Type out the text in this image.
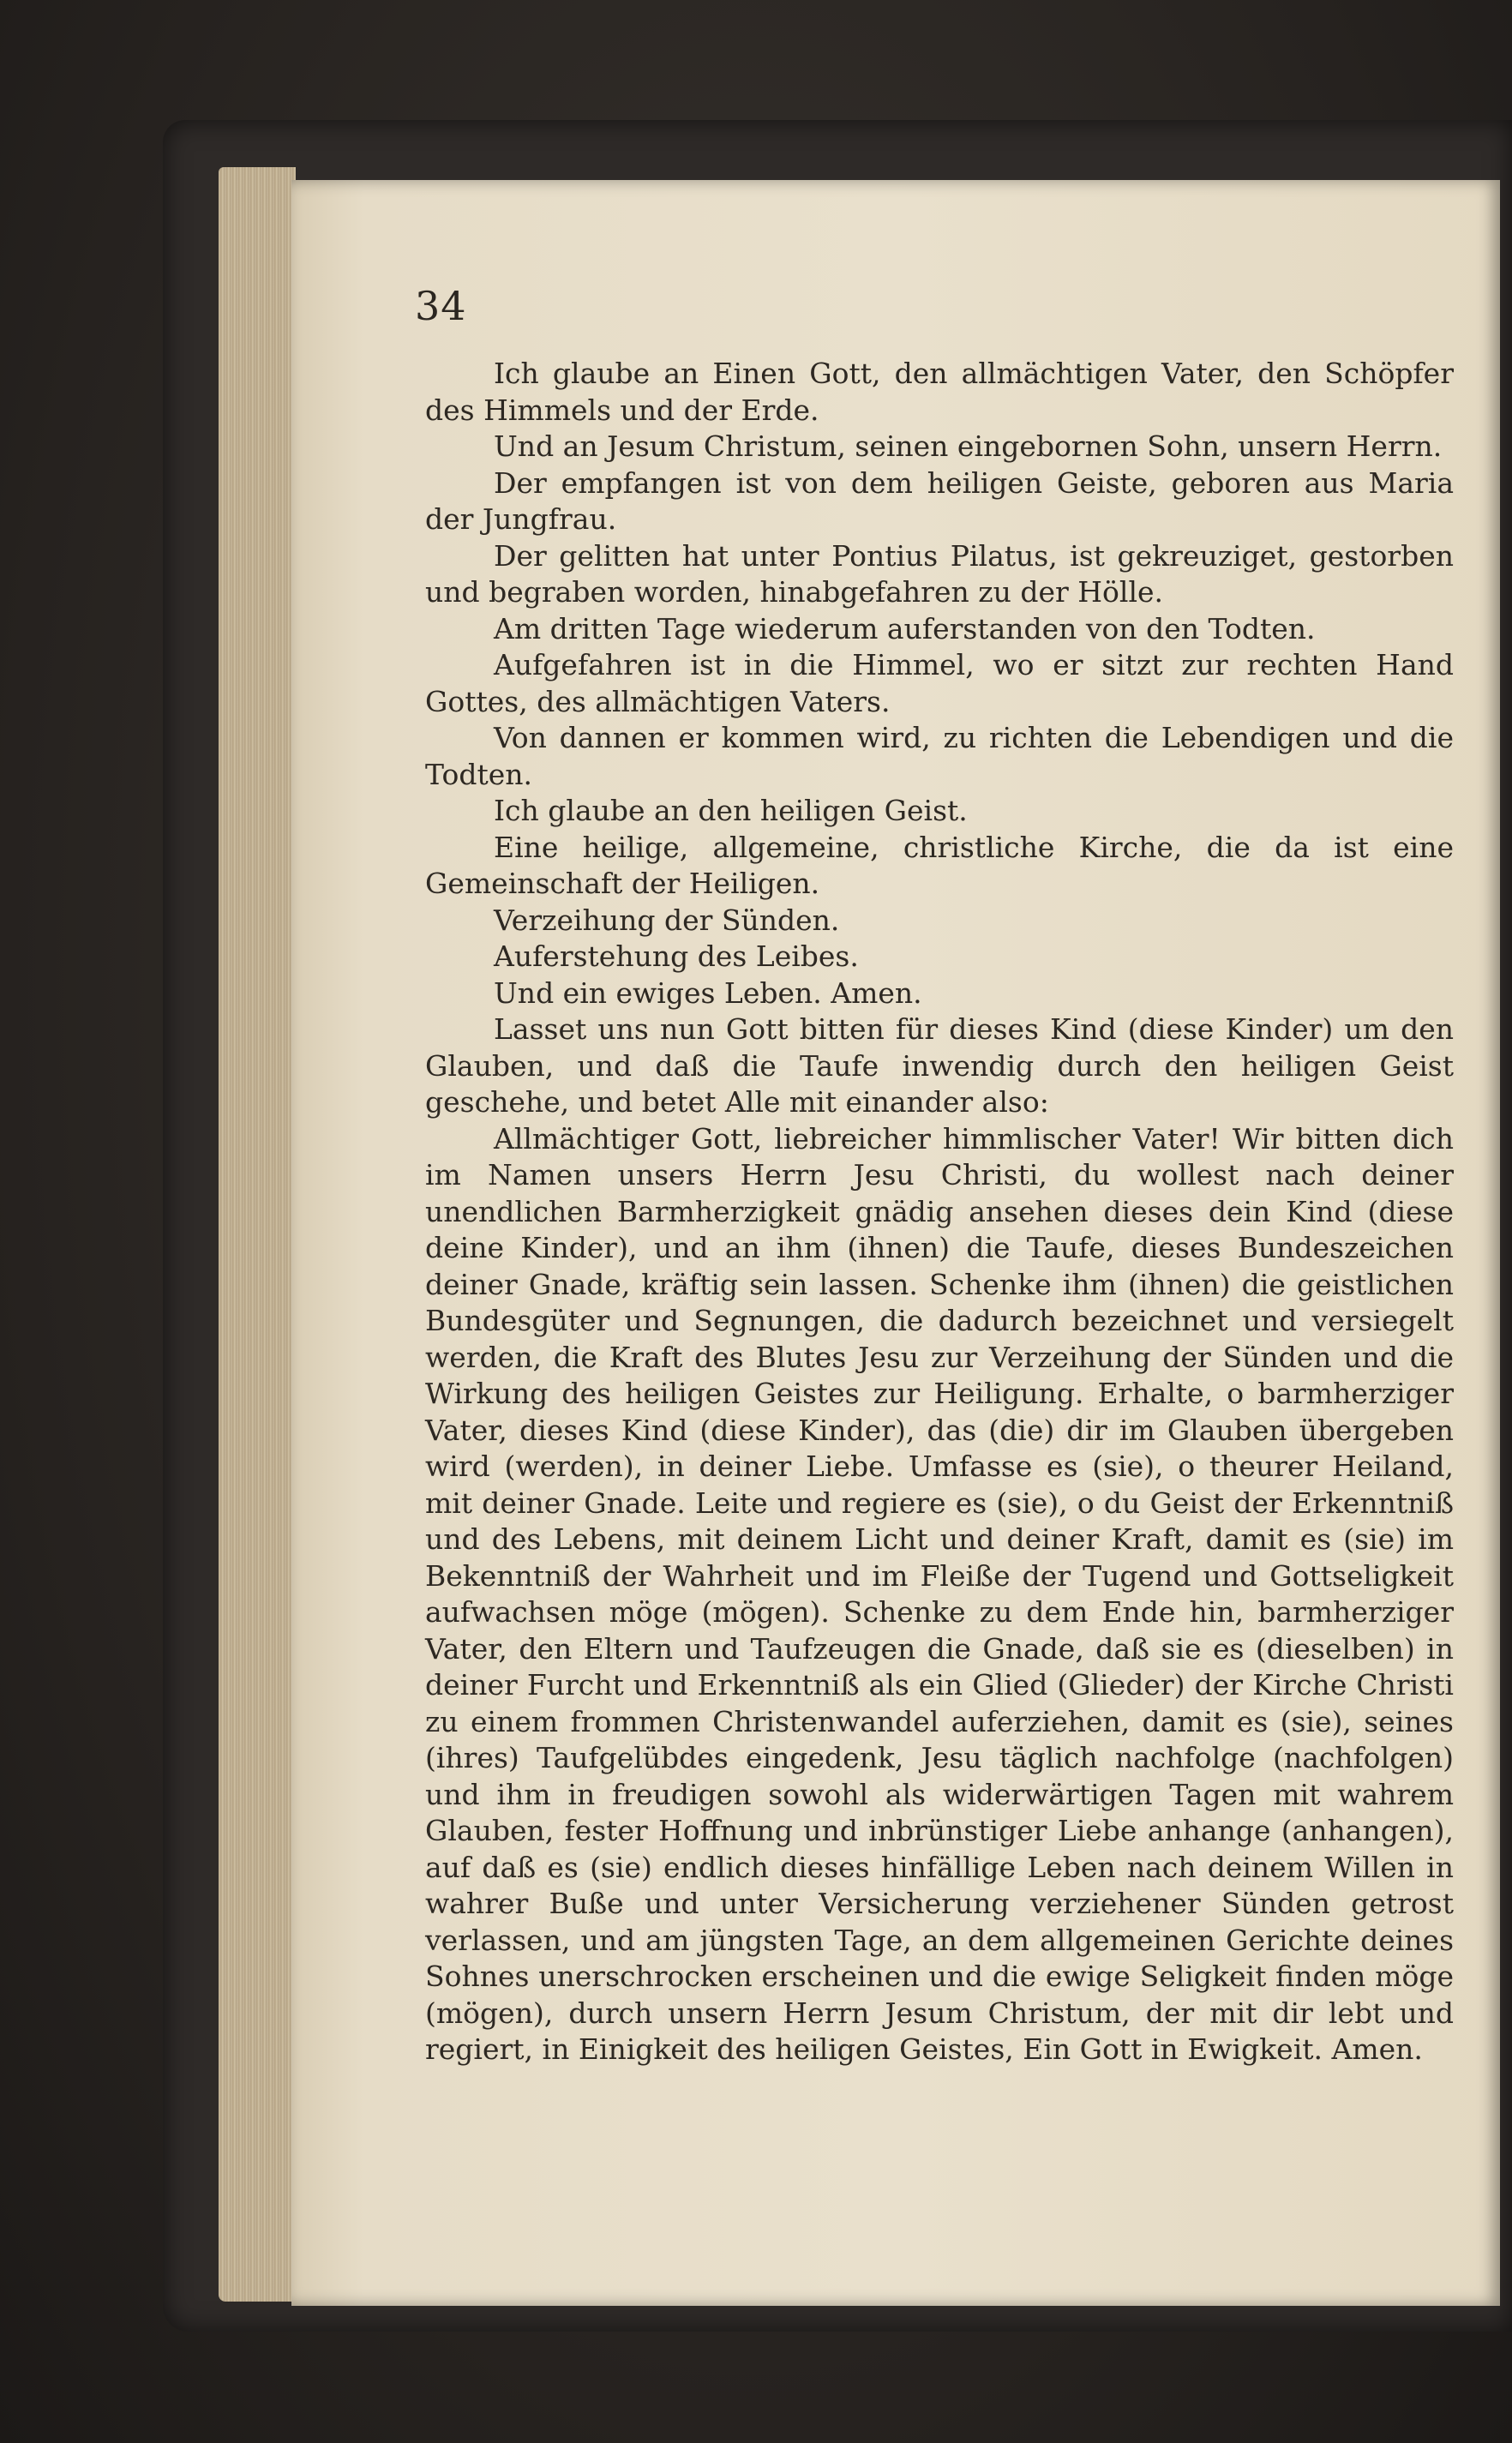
34

Ich glaube an Einen Gott, den allmächtigen Vater, den Schöpfer des Himmels und der Erde.

Und an Jesum Christum, seinen eingebornen Sohn, unsern Herrn.

Der empfangen ist von dem heiligen Geiste, geboren aus Maria der Jungfrau.

Der gelitten hat unter Pontius Pilatus, ist gekreuziget, gestorben und begraben worden, hinabgefahren zu der Hölle.

Am dritten Tage wiederum auferstanden von den Todten.

Aufgefahren ist in die Himmel, wo er sitzt zur rechten Hand Gottes, des allmächtigen Vaters.

Von dannen er kommen wird, zu richten die Lebendigen und die Todten.

Ich glaube an den heiligen Geist.

Eine heilige, allgemeine, christliche Kirche, die da ist eine Gemeinschaft der Heiligen.

Verzeihung der Sünden.

Auferstehung des Leibes.

Und ein ewiges Leben. Amen.

Lasset uns nun Gott bitten für dieses Kind (diese Kinder) um den Glauben, und daß die Taufe inwendig durch den heiligen Geist geschehe, und betet Alle mit einander also:

Allmächtiger Gott, liebreicher himmlischer Vater! Wir bitten dich im Namen unsers Herrn Jesu Christi, du wollest nach deiner unendlichen Barmherzigkeit gnädig ansehen dieses dein Kind (diese deine Kinder), und an ihm (ihnen) die Taufe, dieses Bundeszeichen deiner Gnade, kräftig sein lassen. Schenke ihm (ihnen) die geistlichen Bundesgüter und Segnungen, die dadurch bezeichnet und versiegelt werden, die Kraft des Blutes Jesu zur Verzeihung der Sünden und die Wirkung des heiligen Geistes zur Heiligung. Erhalte, o barmherziger Vater, dieses Kind (diese Kinder), das (die) dir im Glauben übergeben wird (werden), in deiner Liebe. Umfasse es (sie), o theurer Heiland, mit deiner Gnade. Leite und regiere es (sie), o du Geist der Erkenntniß und des Lebens, mit deinem Licht und deiner Kraft, damit es (sie) im Bekenntniß der Wahrheit und im Fleiße der Tugend und Gottseligkeit aufwachsen möge (mögen). Schenke zu dem Ende hin, barmherziger Vater, den Eltern und Taufzeugen die Gnade, daß sie es (dieselben) in deiner Furcht und Erkenntniß als ein Glied (Glieder) der Kirche Christi zu einem frommen Christenwandel auferziehen, damit es (sie), seines (ihres) Taufgelübdes eingedenk, Jesu täglich nachfolge (nachfolgen) und ihm in freudigen sowohl als widerwärtigen Tagen mit wahrem Glauben, fester Hoffnung und inbrünstiger Liebe anhange (anhangen), auf daß es (sie) endlich dieses hinfällige Leben nach deinem Willen in wahrer Buße und unter Versicherung verziehener Sünden getrost verlassen, und am jüngsten Tage, an dem allgemeinen Gerichte deines Sohnes unerschrocken erscheinen und die ewige Seligkeit finden möge (mögen), durch unsern Herrn Jesum Christum, der mit dir lebt und regiert, in Einigkeit des heiligen Geistes, Ein Gott in Ewigkeit. Amen.
